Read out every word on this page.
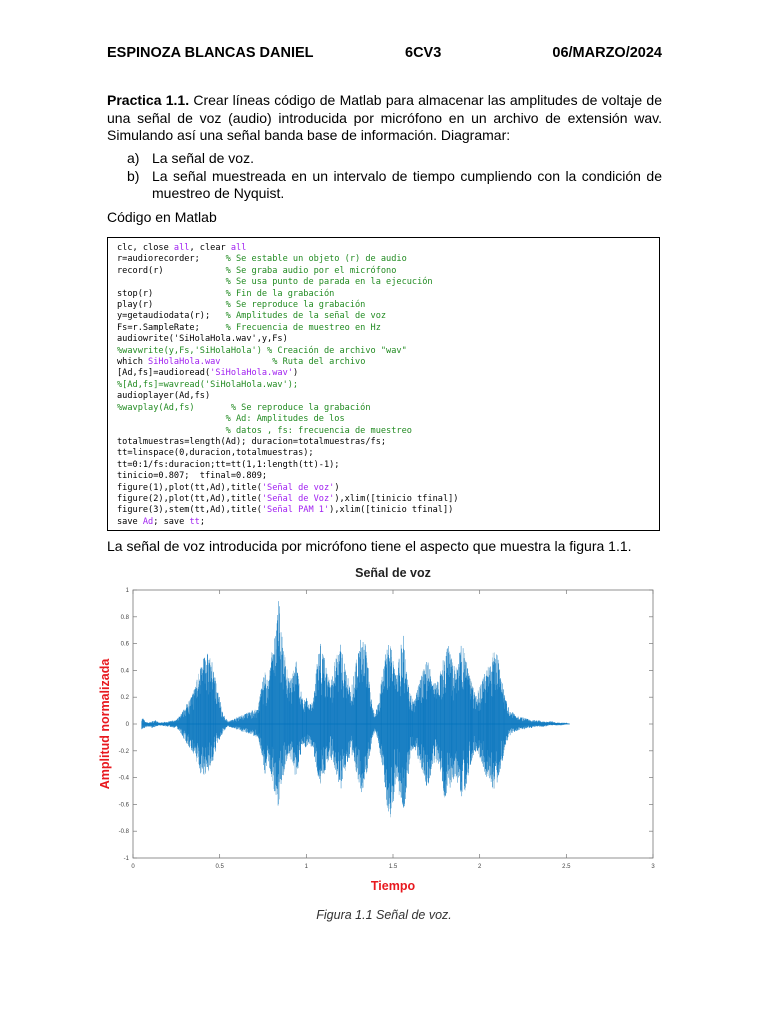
ESPINOZA BLANCAS DANIEL	6CV3	06/MARZO/2024
Practica 1.1. Crear líneas código de Matlab para almacenar las amplitudes de voltaje de una señal de voz (audio) introducida por micrófono en un archivo de extensión wav. Simulando así una señal banda base de información. Diagramar:
a) La señal de voz.
b) La señal muestreada en un intervalo de tiempo cumpliendo con la condición de muestreo de Nyquist.
Código en Matlab
clc, close all, clear all
r=audiorecorder;     % Se estable un objeto (r) de audio
record(r)            % Se graba audio por el micrófono
% Se usa punto de parada en la ejecución
stop(r)              % Fin de la grabación
play(r)              % Se reproduce la grabación
y=getaudiodata(r);   % Amplitudes de la señal de voz
Fs=r.SampleRate;     % Frecuencia de muestreo en Hz
audiowrite('SiHolaHola.wav',y,Fs)
%wavwrite(y,Fs,'SiHolaHola') % Creación de archivo "wav"
which SiHolaHola.wav	% Ruta del archivo
[Ad,fs]=audioread('SiHolaHola.wav')
%[Ad,fs]=wavread('SiHolaHola.wav');
audioplayer(Ad,fs)
%wavplay(Ad,fs)       % Se reproduce la grabación
% Ad: Amplitudes de los
% datos , fs: frecuencia de muestreo
totalmuestras=length(Ad); duracion=totalmuestras/fs;
tt=linspace(0,duracion,totalmuestras);
tt=0:1/fs:duracion;tt=tt(1,1:length(tt)-1);
tinicio=0.807;  tfinal=0.809;
figure(1),plot(tt,Ad),title('Señal de voz')
figure(2),plot(tt,Ad),title('Señal de Voz'),xlim([tinicio tfinal])
figure(3),stem(tt,Ad),title('Señal PAM 1'),xlim([tinicio tfinal])
save Ad; save tt;
La señal de voz introducida por micrófono tiene el aspecto que muestra la figura 1.1.
Señal de voz
0	0.5	1	1.5	2	2.5	3
-1
-0.8
-0.6
-0.4
-0.2
0
0.2
0.4
0.6
0.8
1
Tiempo
Amplitud normalizada
Figura 1.1 Señal de voz.
